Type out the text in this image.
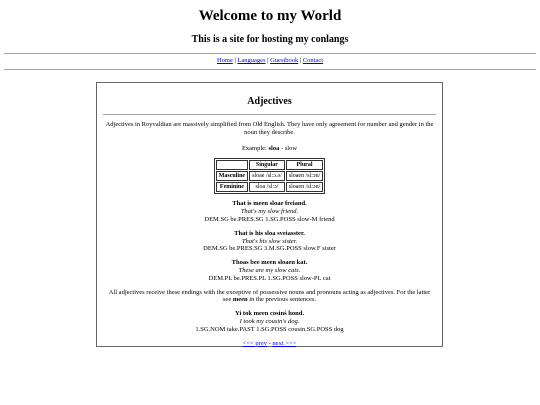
Welcome to my World
This is a site for hosting my conlangs
Home | Languages | Guestbook | Contact
Adjectives
Adjectives in Royvaldian are massively simplified from Old English. They have only agreement for number and gender in the noun they describe.
Example: sloa - slow
	Singular	Plural
Masculine	sloae /sl:ɔ.ə/	sloaen /sl:ɔn/
Feminine	sloa /sl:ɔ/	sloaen /sl:ɔn/
That is meen sloae freiand.
That's my slow friend.
DEM.SG be.PRES.SG 1.SG.POSS slow-M friend
That is his sloa sveiasster.
That's his slow sister.
DEM.SG be.PRES.SG 3.M.SG.POSS slow.F sister
Thoas bee meen sloaen kat.
These are my slow cats.
DEM.PL be.PRES.PL 1.SG.POSS slow-PL cat
All adjectives receive these endings with the exceptive of possessive nouns and pronouns acting as adjectives. For the latter see meen in the previous sentences.
Yi tok meen cosinś hond.
I took my cousin's dog.
1.SG.NOM take.PAST 1.SG.POSS cousin.SG.POSS dog
<<< prev - next >>>
